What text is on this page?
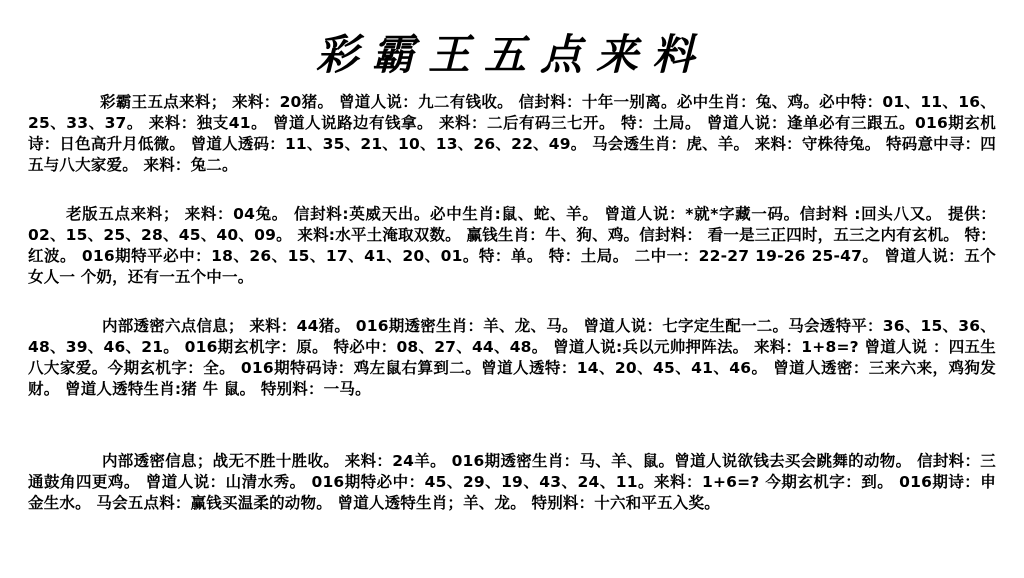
彩霸王五点来料
彩霸王五点来料； 来料：20猪。 曾道人说：九二有钱收。 信封料：十年一别离。必中生肖：兔、鸡。必中特：01、11、16、25、33、37。 来料：独支41。 曾道人说路边有钱拿。 来料：二后有码三七开。 特：土局。 曾道人说：逢单必有三跟五。016期玄机诗：日色高升月低微。 曾道人透码：11、35、21、10、13、26、22、49。 马会透生肖：虎、羊。 来料：守株待兔。 特码意中寻：四五与八大家爱。 来料：兔二。
老版五点来料； 来料：04兔。 信封料:英威天出。必中生肖:鼠、蛇、羊。 曾道人说：*就*字藏一码。信封料 :回头八又。 提供：02、15、25、28、45、40、09。 来料:水平土淹取双数。 赢钱生肖：牛、狗、鸡。信封料： 看一是三正四时，五三之内有玄机。 特：红波。 016期特平必中：18、26、15、17、41、20、01。特：单。 特：土局。 二中一：22-27 19-26 25-47。 曾道人说：五个女人一 个奶，还有一五个中一。
内部透密六点信息； 来料：44猪。 016期透密生肖：羊、龙、马。 曾道人说：七字定生配一二。马会透特平：36、15、36、48、39、46、21。 016期玄机字：原。 特必中：08、27、44、48。 曾道人说:兵以元帅押阵法。 来料：1+8=? 曾道人说 ：四五生八大家爱。今期玄机字：全。 016期特码诗：鸡左鼠右算到二。曾道人透特：14、20、45、41、46。 曾道人透密：三来六来，鸡狗发财。 曾道人透特生肖:猪 牛 鼠。 特别料：一马。
内部透密信息；战无不胜十胜收。 来料：24羊。 016期透密生肖：马、羊、鼠。曾道人说欲钱去买会跳舞的动物。 信封料：三通鼓角四更鸡。 曾道人说：山清水秀。 016期特必中：45、29、19、43、24、11。来料：1+6=? 今期玄机字：到。 016期诗：申金生水。 马会五点料：赢钱买温柔的动物。 曾道人透特生肖；羊、龙。 特别料：十六和平五入奖。
